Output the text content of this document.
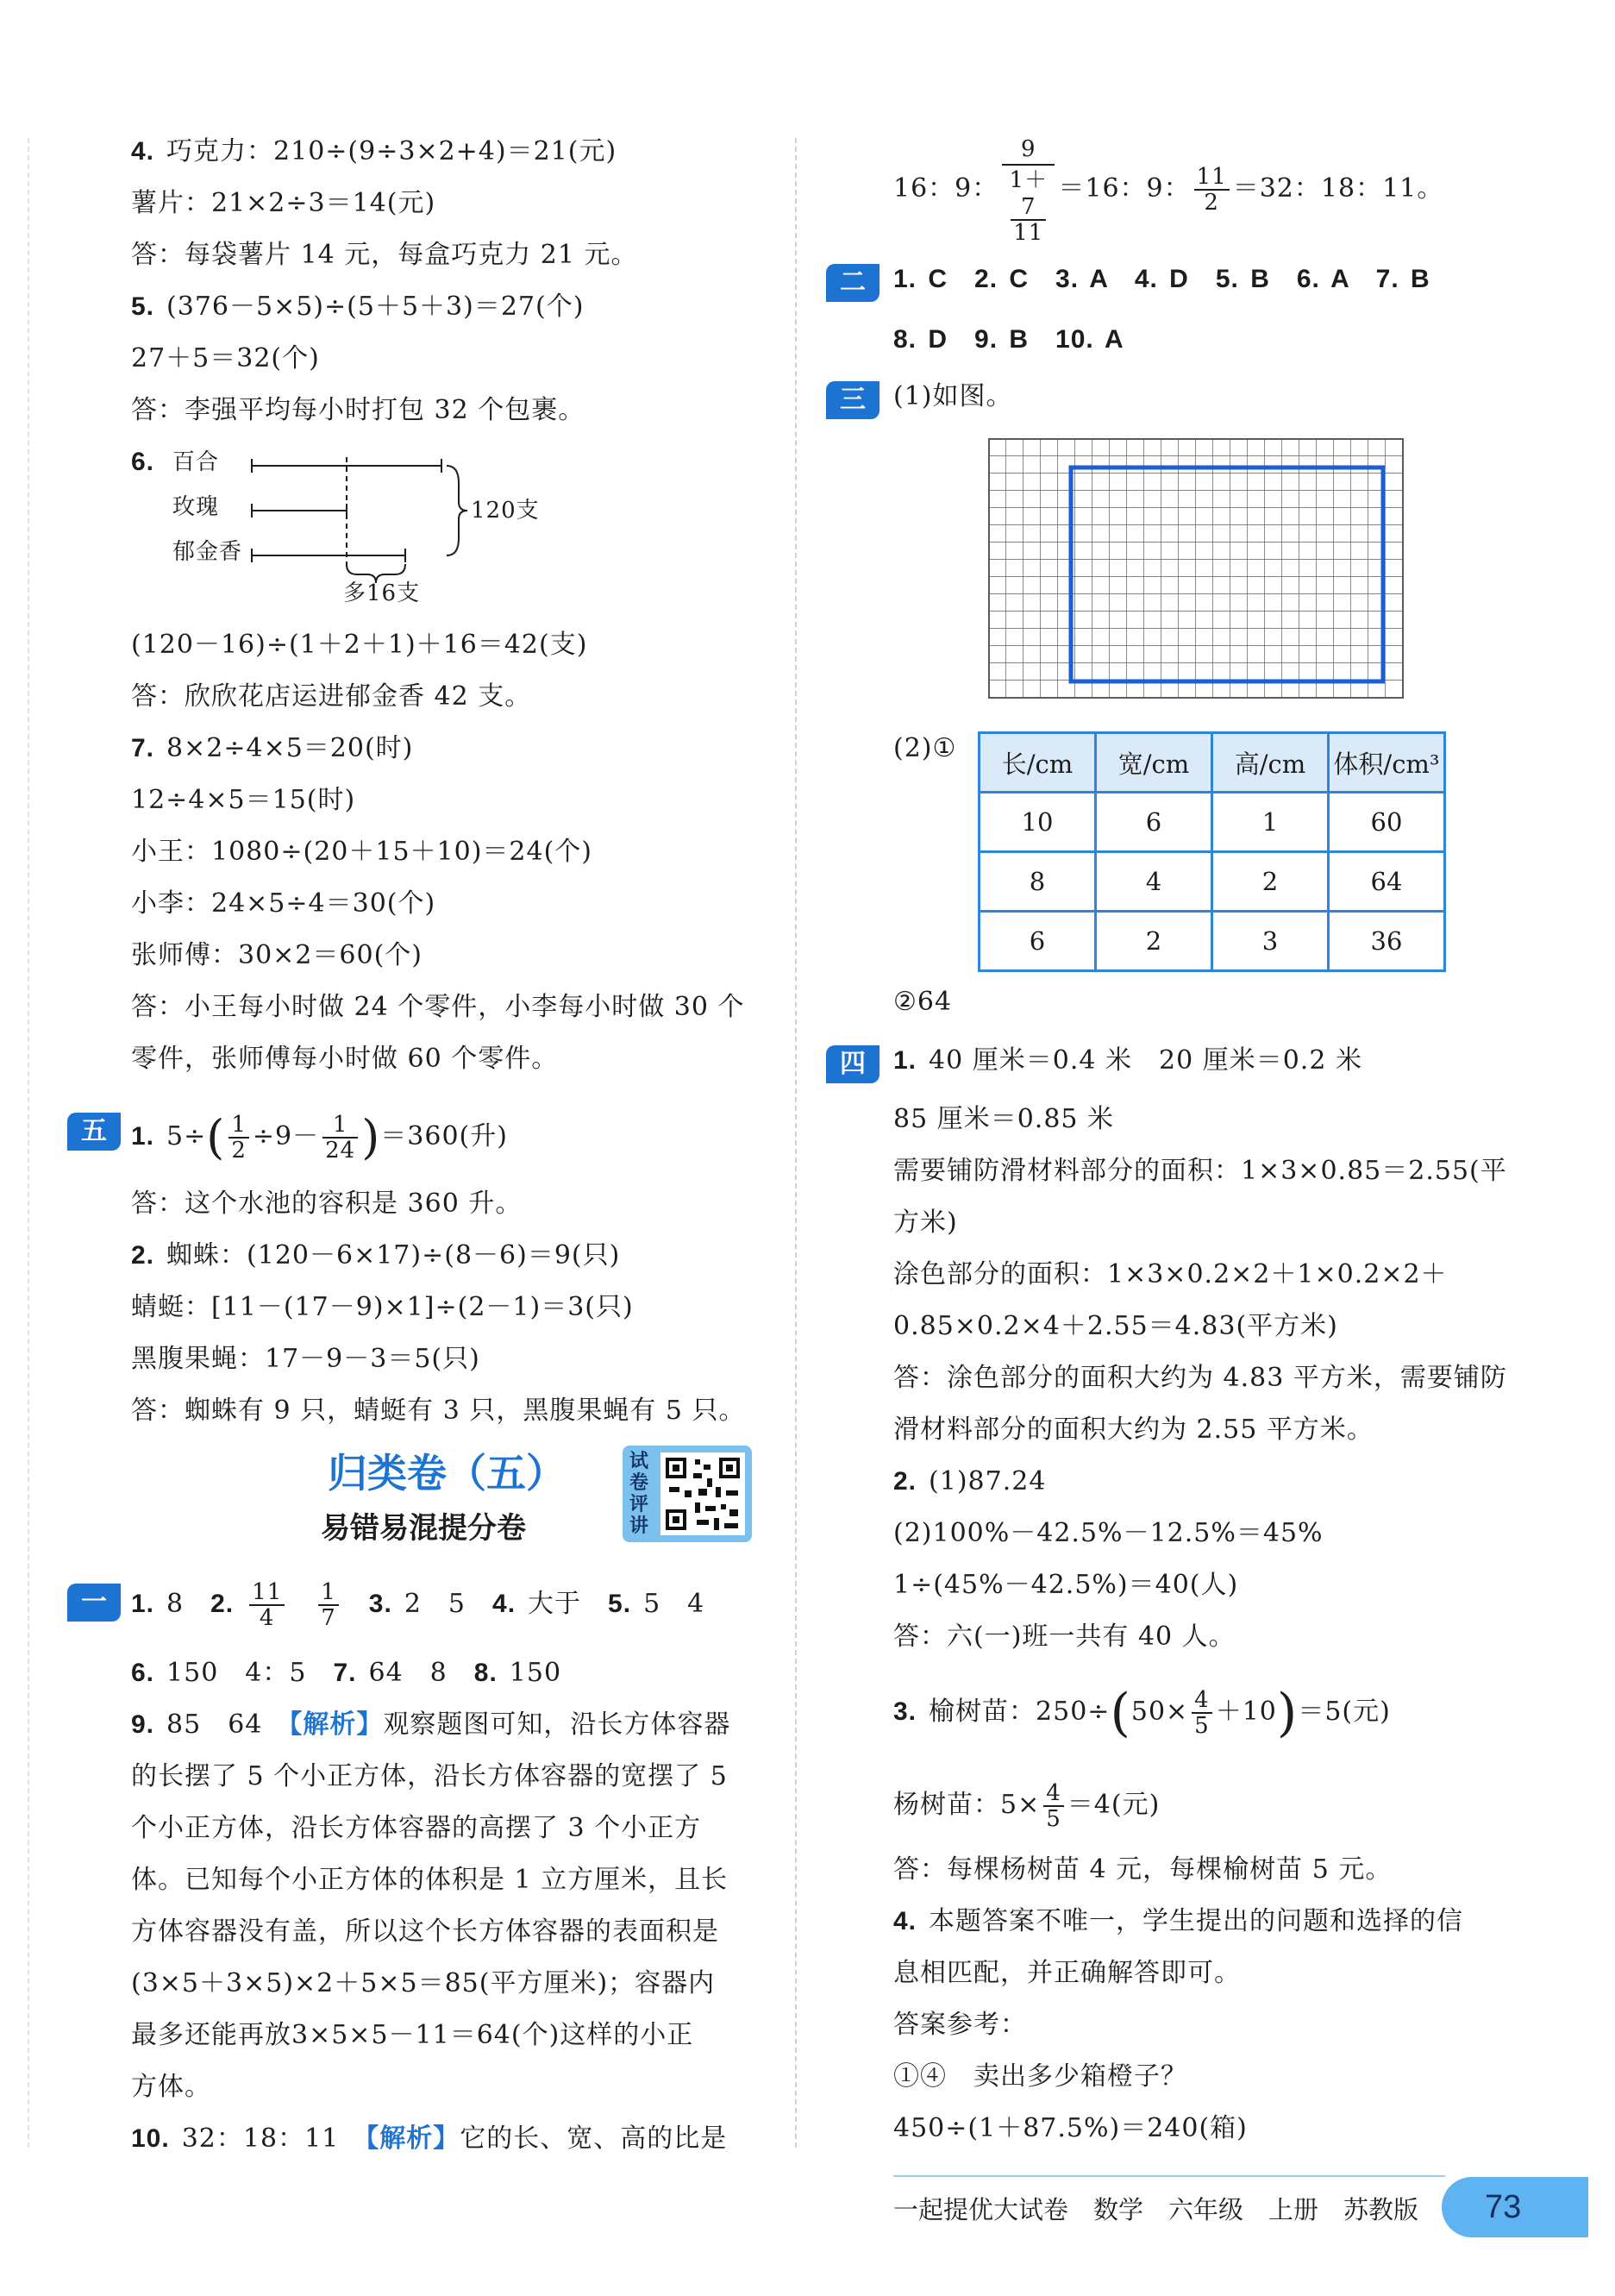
4. 巧克力：210÷(9÷3×2+4)＝21(元)
薯片：21×2÷3＝14(元)
答：每袋薯片 14 元，每盒巧克力 21 元。
5. (376－5×5)÷(5＋5＋3)＝27(个)
27＋5＝32(个)
答：李强平均每小时打包 32 个包裹。
6. 百合
玫瑰
郁金香
120支
多16支
(120－16)÷(1＋2＋1)＋16＝42(支)
答：欣欣花店运进郁金香 42 支。
7. 8×2÷4×5＝20(时)
12÷4×5＝15(时)
小王：1080÷(20＋15＋10)＝24(个)
小李：24×5÷4＝30(个)
张师傅：30×2＝60(个)
答：小王每小时做 24 个零件，小李每小时做 30 个
零件，张师傅每小时做 60 个零件。
五 1. $5\div( \frac{1}{2} \div 9- \frac{1}{24} )=360$(升)
答：这个水池的容积是 360 升。
2. 蜘蛛：(120－6×17)÷(8－6)＝9(只)
蜻蜓：[11－(17－9)×1]÷(2－1)＝3(只)
黑腹果蝇：17－9－3＝5(只)
答：蜘蛛有 9 只，蜻蜓有 3 只，黑腹果蝇有 5 只。
归类卷（五）
易错易混提分卷
试卷评讲
一 1. 8　 2. $\frac{11}{4}$
　 $\frac{1}{7}$
　 3. 2　5　 4. 大于　 5. 5　4
6. 150　4：5　 7. 64　8　 8. 150
9. 85　64　 【解析】观察题图可知，沿长方体容器
的长摆了 5 个小正方体，沿长方体容器的宽摆了 5
个小正方体，沿长方体容器的高摆了 3 个小正方
体。已知每个小正方体的体积是 1 立方厘米，且长
方体容器没有盖，所以这个长方体容器的表面积是
(3×5＋3×5)×2＋5×5＝85(平方厘米)；容器内
最多还能再放3×5×5－11＝64(个)这样的小正
方体。
10. 32：18：11　 【解析】它的长、宽、高的比是
16：9： 9
1＋
7
11 ＝16：9： $\frac{11}{2} =32$：18：11。
二	1. C　2. C　3. A　4. D　5. B　6. A　7. B
8. D　9. B　10. A
三	(1)如图。
(2)①
长/cm	宽/cm	高/cm	体积/cm³
10	6	1	60
8	4	2	64
6	2	3	36
②64
四	1. 40 厘米＝0.4 米　20 厘米＝0.2 米
85 厘米＝0.85 米
需要铺防滑材料部分的面积：1×3×0.85＝2.55(平
方米)
涂色部分的面积：1×3×0.2×2＋1×0.2×2＋
0.85×0.2×4＋2.55＝4.83(平方米)
答：涂色部分的面积大约为 4.83 平方米，需要铺防
滑材料部分的面积大约为 2.55 平方米。
2. (1)87.24
(2)100%－42.5%－12.5%＝45%
1÷(45%－42.5%)＝40(人)
答：六(一)班一共有 40 人。
3. 榆树苗：$250\div(50\times \frac{4}{5} +10)=5$(元)
杨树苗：$5\times \frac{4}{5} =4$(元)
答：每棵杨树苗 4 元，每棵榆树苗 5 元。
4. 本题答案不唯一，学生提出的问题和选择的信
息相匹配，并正确解答即可。
答案参考：
①④　卖出多少箱橙子？
450÷(1＋87.5%)＝240(箱)
一起提优大试卷　数学　六年级　上册　苏教版	73
